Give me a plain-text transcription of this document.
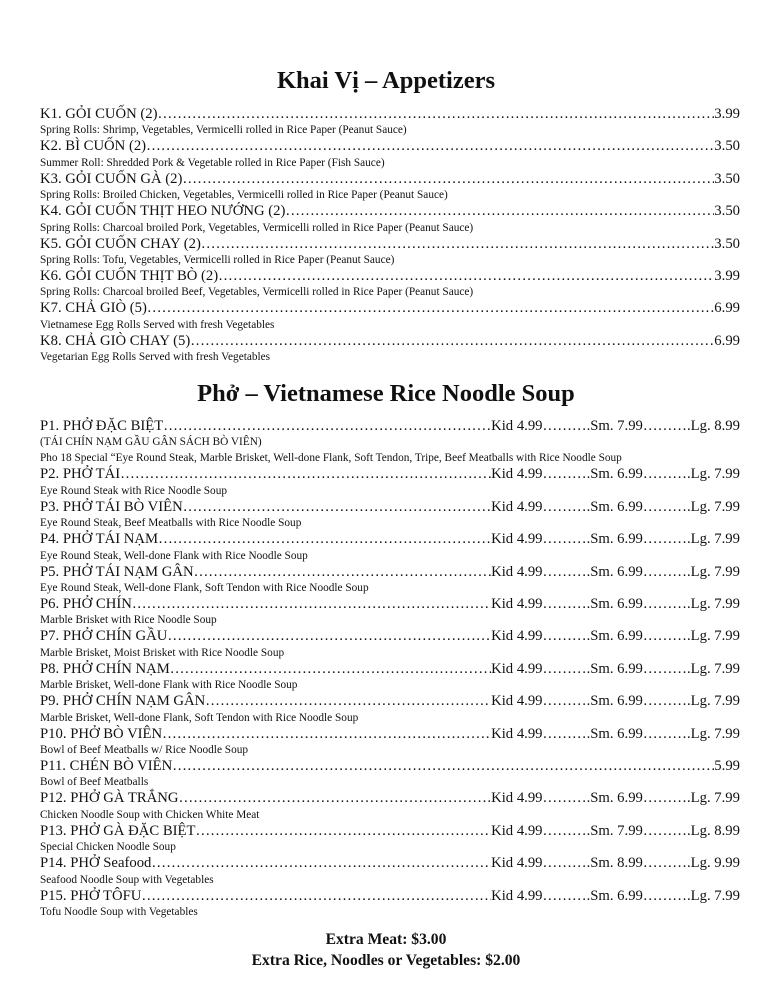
Khai Vị – Appetizers
K1. GỎI CUỐN (2) …………………………………………………………………………………………………………………………………………………………………………………………………………………	3.99

Spring Rolls: Shrimp, Vegetables, Vermicelli rolled in Rice Paper (Peanut Sauce)

K2. BÌ CUỐN (2) …………………………………………………………………………………………………………………………………………………………………………………………………………………	3.50

Summer Roll: Shredded Pork & Vegetable rolled in Rice Paper (Fish Sauce)

K3. GỎI CUỐN GÀ (2) …………………………………………………………………………………………………………………………………………………………………………………………………………………	3.50

Spring Rolls: Broiled Chicken, Vegetables, Vermicelli rolled in Rice Paper (Peanut Sauce)

K4. GỎI CUỐN THỊT HEO NƯỚNG (2) …………………………………………………………………………………………………………………………………………………………………………………………………………………	3.50

Spring Rolls: Charcoal broiled Pork, Vegetables, Vermicelli rolled in Rice Paper (Peanut Sauce)

K5. GỎI CUỐN CHAY (2) …………………………………………………………………………………………………………………………………………………………………………………………………………………	3.50

Spring Rolls: Tofu, Vegetables, Vermicelli rolled in Rice Paper (Peanut Sauce)

K6. GỎI CUỐN THỊT BÒ (2) …………………………………………………………………………………………………………………………………………………………………………………………………………………	3.99

Spring Rolls: Charcoal broiled Beef, Vegetables, Vermicelli rolled in Rice Paper (Peanut Sauce)

K7. CHẢ GIÒ (5) …………………………………………………………………………………………………………………………………………………………………………………………………………………	6.99

Vietnamese Egg Rolls Served with fresh Vegetables

K8. CHẢ GIÒ CHAY (5) …………………………………………………………………………………………………………………………………………………………………………………………………………………	6.99

Vegetarian Egg Rolls Served with fresh Vegetables

Phở – Vietnamese Rice Noodle Soup
P1. PHỞ ĐẶC BIỆT …………………………………………………………………………………………………………………………………………………………………………………………………………………	Kid 4.99 ……….	Sm. 7.99 ……….	Lg. 8.99

(TÁI CHÍN NẠM GẦU GÂN SÁCH BÒ VIÊN)

Pho 18 Special “Eye Round Steak, Marble Brisket, Well-done Flank, Soft Tendon, Tripe, Beef Meatballs with Rice Noodle Soup

P2. PHỞ TÁI …………………………………………………………………………………………………………………………………………………………………………………………………………………	Kid 4.99 ……….	Sm. 6.99 ……….	Lg. 7.99

Eye Round Steak with Rice Noodle Soup

P3. PHỞ TÁI BÒ VIÊN …………………………………………………………………………………………………………………………………………………………………………………………………………………	Kid 4.99 ……….	Sm. 6.99 ……….	Lg. 7.99

Eye Round Steak, Beef Meatballs with Rice Noodle Soup

P4. PHỞ TÁI NẠM …………………………………………………………………………………………………………………………………………………………………………………………………………………	Kid 4.99 ……….	Sm. 6.99 ……….	Lg. 7.99

Eye Round Steak, Well-done Flank with Rice Noodle Soup

P5. PHỞ TÁI NẠM GÂN …………………………………………………………………………………………………………………………………………………………………………………………………………………	Kid 4.99 ……….	Sm. 6.99 ……….	Lg. 7.99

Eye Round Steak, Well-done Flank, Soft Tendon with Rice Noodle Soup

P6. PHỞ CHÍN …………………………………………………………………………………………………………………………………………………………………………………………………………………	Kid 4.99 ……….	Sm. 6.99 ……….	Lg. 7.99

Marble Brisket with Rice Noodle Soup

P7. PHỞ CHÍN GẦU …………………………………………………………………………………………………………………………………………………………………………………………………………………	Kid 4.99 ……….	Sm. 6.99 ……….	Lg. 7.99

Marble Brisket, Moist Brisket with Rice Noodle Soup

P8. PHỞ CHÍN NẠM …………………………………………………………………………………………………………………………………………………………………………………………………………………	Kid 4.99 ……….	Sm. 6.99 ……….	Lg. 7.99

Marble Brisket, Well-done Flank with Rice Noodle Soup

P9. PHỞ CHÍN NẠM GÂN …………………………………………………………………………………………………………………………………………………………………………………………………………………	Kid 4.99 ……….	Sm. 6.99 ……….	Lg. 7.99

Marble Brisket, Well-done Flank, Soft Tendon with Rice Noodle Soup

P10. PHỞ BÒ VIÊN …………………………………………………………………………………………………………………………………………………………………………………………………………………	Kid 4.99 ……….	Sm. 6.99 ……….	Lg. 7.99

Bowl of Beef Meatballs w/ Rice Noodle Soup

P11. CHÉN BÒ VIÊN …………………………………………………………………………………………………………………………………………………………………………………………………………………	5.99

Bowl of Beef Meatballs

P12. PHỞ GÀ TRẮNG …………………………………………………………………………………………………………………………………………………………………………………………………………………	Kid 4.99 ……….	Sm. 6.99 ……….	Lg. 7.99

Chicken Noodle Soup with Chicken White Meat

P13. PHỞ GÀ ĐẶC BIỆT …………………………………………………………………………………………………………………………………………………………………………………………………………………	Kid 4.99 ……….	Sm. 7.99 ……….	Lg. 8.99

Special Chicken Noodle Soup

P14. PHỞ Seafood …………………………………………………………………………………………………………………………………………………………………………………………………………………	Kid 4.99 ……….	Sm. 8.99 ……….	Lg. 9.99

Seafood Noodle Soup with Vegetables

P15. PHỞ TÔFU …………………………………………………………………………………………………………………………………………………………………………………………………………………	Kid 4.99 ……….	Sm. 6.99 ……….	Lg. 7.99

Tofu Noodle Soup with Vegetables

Extra Meat: $3.00
Extra Rice, Noodles or Vegetables: $2.00
